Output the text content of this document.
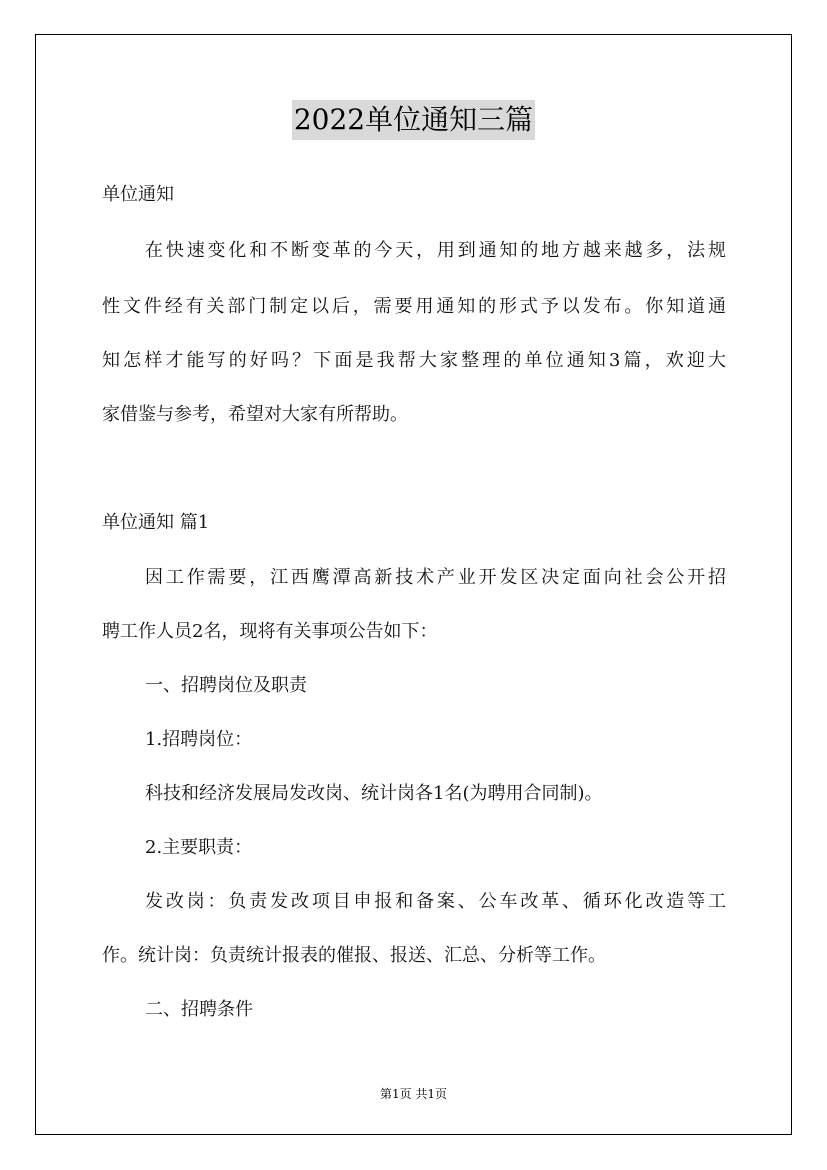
2022单位通知三篇
单位通知
在快速变化和不断变革的今天，用到通知的地方越来越多，法规
性文件经有关部门制定以后，需要用通知的形式予以发布。你知道通
知怎样才能写的好吗？下面是我帮大家整理的单位通知3篇，欢迎大
家借鉴与参考，希望对大家有所帮助。
单位通知 篇1
因工作需要，江西鹰潭高新技术产业开发区决定面向社会公开招
聘工作人员2名，现将有关事项公告如下：
一、招聘岗位及职责
1.招聘岗位：
科技和经济发展局发改岗、统计岗各1名(为聘用合同制)。
2.主要职责：
发改岗：负责发改项目申报和备案、公车改革、循环化改造等工
作。统计岗：负责统计报表的催报、报送、汇总、分析等工作。
二、招聘条件
第1页 共1页
